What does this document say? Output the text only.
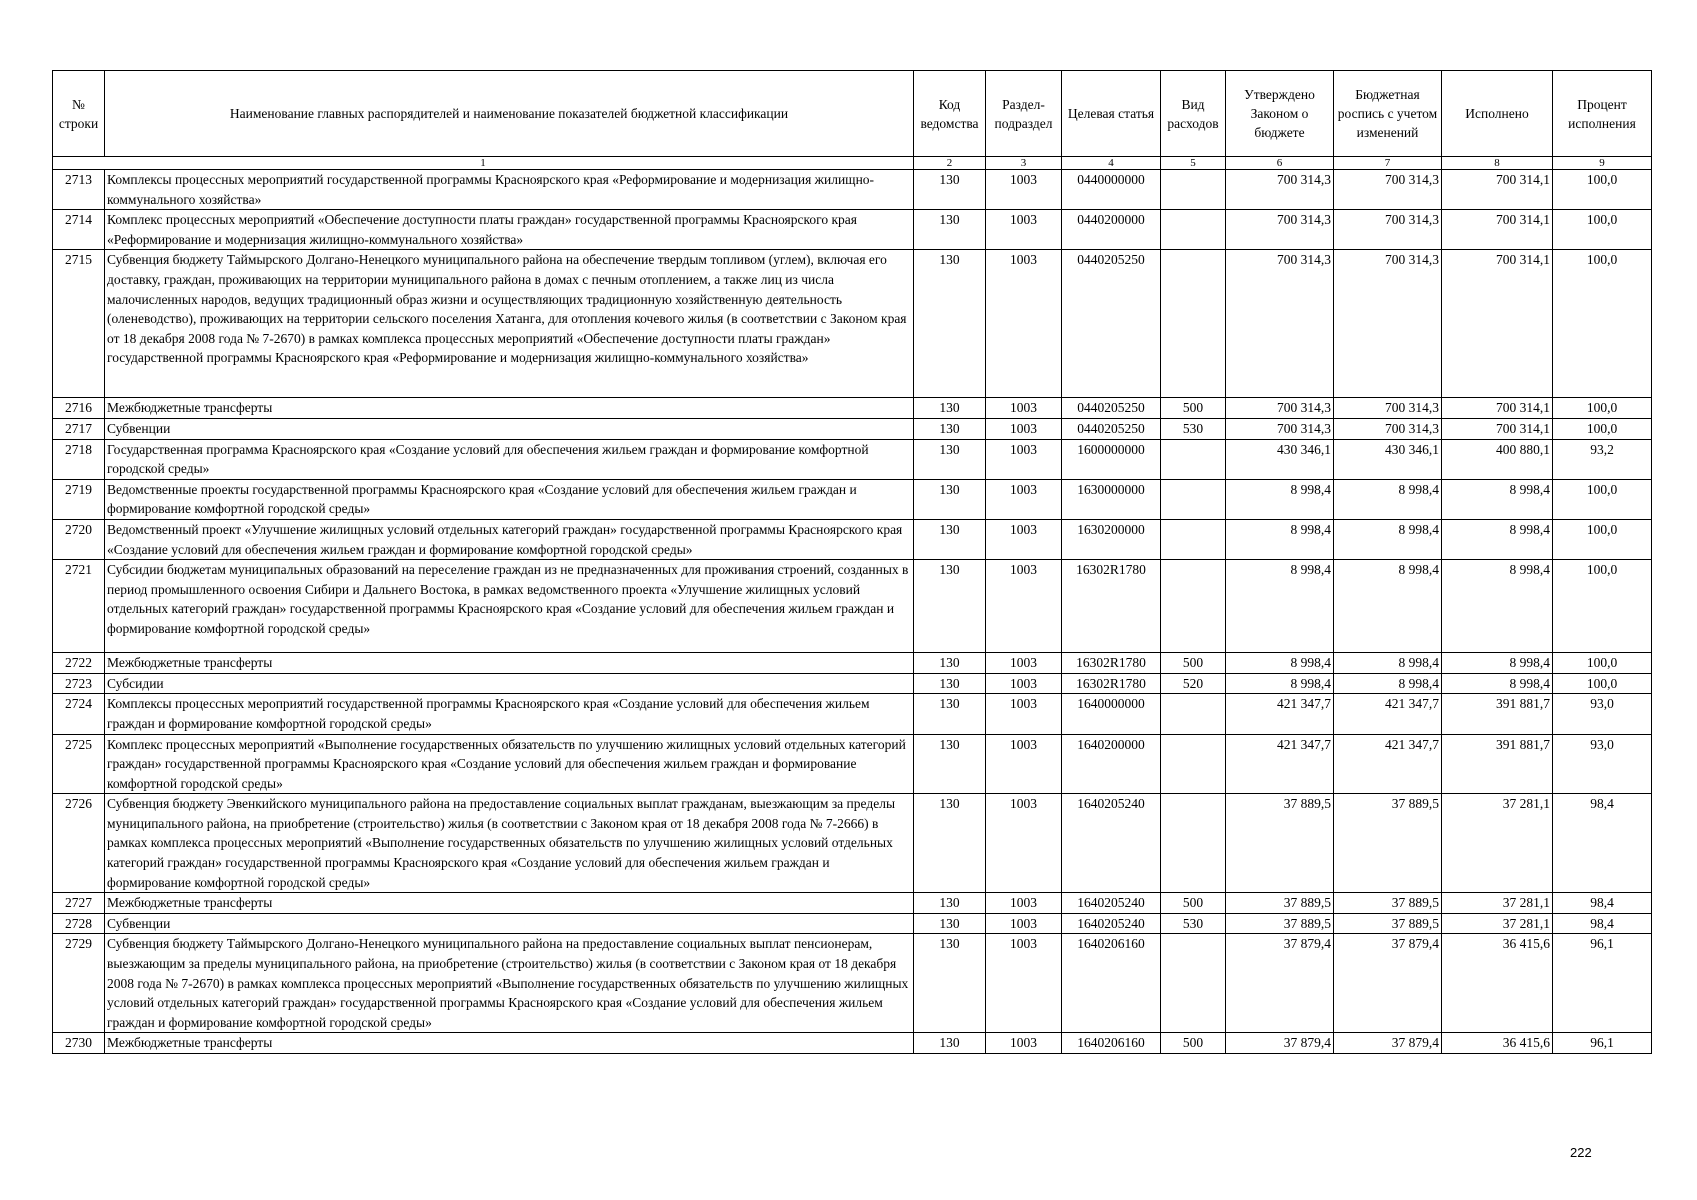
№ строки	Наименование главных распорядителей и наименование показателей бюджетной классификации	Код ведомства	Раздел- подраздел	Целевая статья	Вид расходов	Утверждено Законом о бюджете	Бюджетная роспись с учетом изменений	Исполнено	Процент исполнения
1		2	3	4	5	6	7	8	9
2713	Комплексы процессных мероприятий государственной программы Красноярского края «Реформирование и модернизация жилищно-коммунального хозяйства»	130	1003	0440000000		700 314,3	700 314,3	700 314,1	100,0
2714	Комплекс процессных мероприятий «Обеспечение доступности платы граждан» государственной программы Красноярского края «Реформирование и модернизация жилищно-коммунального хозяйства»	130	1003	0440200000		700 314,3	700 314,3	700 314,1	100,0
2715	Субвенция бюджету Таймырского Долгано-Ненецкого муниципального района на обеспечение твердым топливом (углем), включая его доставку, граждан, проживающих на территории муниципального района в домах с печным отоплением, а также лиц из числа малочисленных народов, ведущих традиционный образ жизни и осуществляющих традиционную хозяйственную деятельность (оленеводство), проживающих на территории сельского поселения Хатанга, для отопления кочевого жилья (в соответствии с Законом края от 18 декабря 2008 года № 7-2670) в рамках комплекса процессных мероприятий «Обеспечение доступности платы граждан» государственной программы Красноярского края «Реформирование и модернизация жилищно-коммунального хозяйства»	130	1003	0440205250		700 314,3	700 314,3	700 314,1	100,0
2716	Межбюджетные трансферты	130	1003	0440205250	500	700 314,3	700 314,3	700 314,1	100,0
2717	Субвенции	130	1003	0440205250	530	700 314,3	700 314,3	700 314,1	100,0
2718	Государственная программа Красноярского края «Создание условий для обеспечения жильем граждан и формирование комфортной городской среды»	130	1003	1600000000		430 346,1	430 346,1	400 880,1	93,2
2719	Ведомственные проекты государственной программы Красноярского края «Создание условий для обеспечения жильем граждан и формирование комфортной городской среды»	130	1003	1630000000		8 998,4	8 998,4	8 998,4	100,0
2720	Ведомственный проект «Улучшение жилищных условий отдельных категорий граждан» государственной программы Красноярского края «Создание условий для обеспечения жильем граждан и формирование комфортной городской среды»	130	1003	1630200000		8 998,4	8 998,4	8 998,4	100,0
2721	Субсидии бюджетам муниципальных образований на переселение граждан из не предназначенных для проживания строений, созданных в период промышленного освоения Сибири и Дальнего Востока, в рамках ведомственного проекта «Улучшение жилищных условий отдельных категорий граждан» государственной программы Красноярского края «Создание условий для обеспечения жильем граждан и формирование комфортной городской среды»	130	1003	16302R1780		8 998,4	8 998,4	8 998,4	100,0
2722	Межбюджетные трансферты	130	1003	16302R1780	500	8 998,4	8 998,4	8 998,4	100,0
2723	Субсидии	130	1003	16302R1780	520	8 998,4	8 998,4	8 998,4	100,0
2724	Комплексы процессных мероприятий государственной программы Красноярского края «Создание условий для обеспечения жильем граждан и формирование комфортной городской среды»	130	1003	1640000000		421 347,7	421 347,7	391 881,7	93,0
2725	Комплекс процессных мероприятий «Выполнение государственных обязательств по улучшению жилищных условий отдельных категорий граждан» государственной программы Красноярского края «Создание условий для обеспечения жильем граждан и формирование комфортной городской среды»	130	1003	1640200000		421 347,7	421 347,7	391 881,7	93,0
2726	Субвенция бюджету Эвенкийского муниципального района на предоставление социальных выплат гражданам, выезжающим за пределы муниципального района, на приобретение (строительство) жилья (в соответствии с Законом края от 18 декабря 2008 года № 7-2666) в рамках комплекса процессных мероприятий «Выполнение государственных обязательств по улучшению жилищных условий отдельных категорий граждан» государственной программы Красноярского края «Создание условий для обеспечения жильем граждан и формирование комфортной городской среды»	130	1003	1640205240		37 889,5	37 889,5	37 281,1	98,4
2727	Межбюджетные трансферты	130	1003	1640205240	500	37 889,5	37 889,5	37 281,1	98,4
2728	Субвенции	130	1003	1640205240	530	37 889,5	37 889,5	37 281,1	98,4
2729	Субвенция бюджету Таймырского Долгано-Ненецкого муниципального района на предоставление социальных выплат пенсионерам, выезжающим за пределы муниципального района, на приобретение (строительство) жилья (в соответствии с Законом края от 18 декабря 2008 года № 7-2670) в рамках комплекса процессных мероприятий «Выполнение государственных обязательств по улучшению жилищных условий отдельных категорий граждан» государственной программы Красноярского края «Создание условий для обеспечения жильем граждан и формирование комфортной городской среды»	130	1003	1640206160		37 879,4	37 879,4	36 415,6	96,1
2730	Межбюджетные трансферты	130	1003	1640206160	500	37 879,4	37 879,4	36 415,6	96,1
222
